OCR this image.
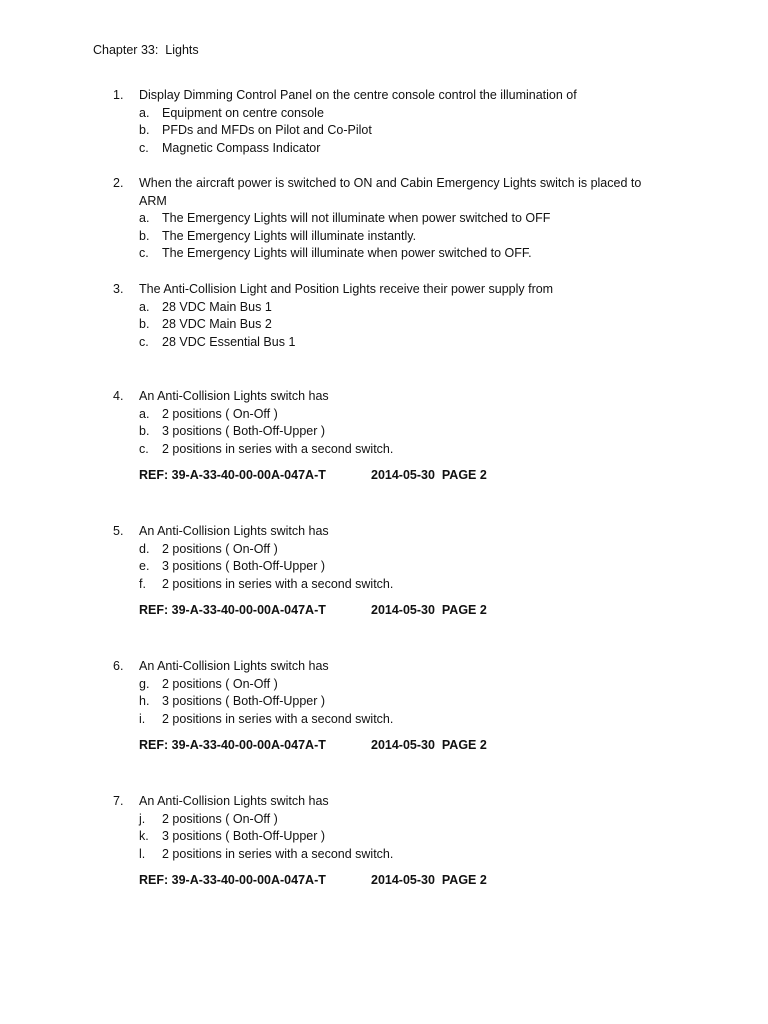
Chapter 33:  Lights
1. Display Dimming Control Panel on the centre console control the illumination of
a. Equipment on centre console
b. PFDs and MFDs on Pilot and Co-Pilot
c. Magnetic Compass Indicator
2. When the aircraft power is switched to ON and Cabin Emergency Lights switch is placed to
ARM
a. The Emergency Lights will not illuminate when power switched to OFF
b. The Emergency Lights will illuminate instantly.
c. The Emergency Lights will illuminate when power switched to OFF.
3. The Anti-Collision Light and Position Lights receive their power supply from
a. 28 VDC Main Bus 1
b. 28 VDC Main Bus 2
c. 28 VDC Essential Bus 1
4. An Anti-Collision Lights switch has
a. 2 positions ( On-Off )
b. 3 positions ( Both-Off-Upper )
c. 2 positions in series with a second switch.
REF: 39-A-33-40-00-00A-047A-T	2014-05-30  PAGE 2
5. An Anti-Collision Lights switch has
d. 2 positions ( On-Off )
e. 3 positions ( Both-Off-Upper )
f. 2 positions in series with a second switch.
REF: 39-A-33-40-00-00A-047A-T	2014-05-30  PAGE 2
6. An Anti-Collision Lights switch has
g. 2 positions ( On-Off )
h. 3 positions ( Both-Off-Upper )
i. 2 positions in series with a second switch.
REF: 39-A-33-40-00-00A-047A-T	2014-05-30  PAGE 2
7. An Anti-Collision Lights switch has
j. 2 positions ( On-Off )
k. 3 positions ( Both-Off-Upper )
l. 2 positions in series with a second switch.
REF: 39-A-33-40-00-00A-047A-T	2014-05-30  PAGE 2
